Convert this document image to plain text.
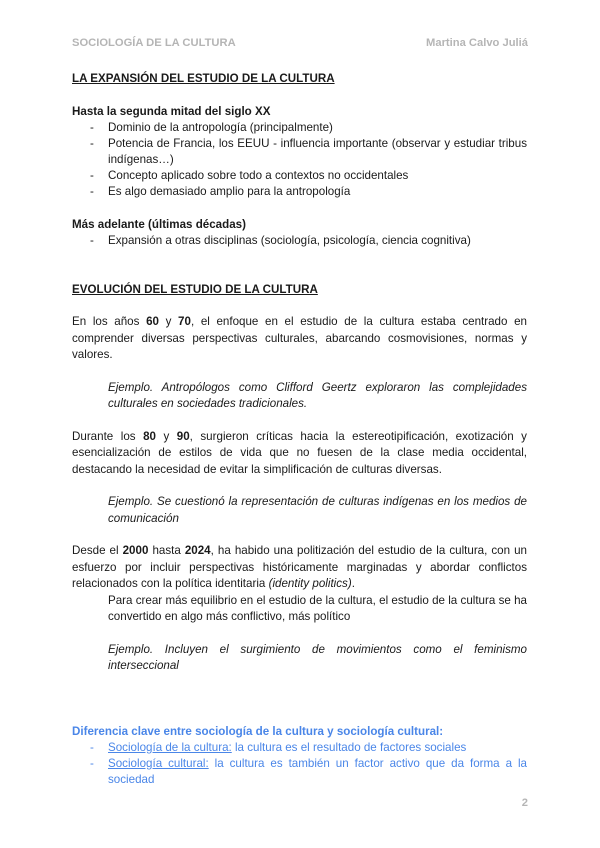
SOCIOLOGÍA DE LA CULTURA	Martina Calvo Juliá

LA EXPANSIÓN DEL ESTUDIO DE LA CULTURA

Hasta la segunda mitad del siglo XX

- Dominio de la antropología (principalmente)
- Potencia de Francia, los EEUU - influencia importante (observar y estudiar tribus indígenas…)
- Concepto aplicado sobre todo a contextos no occidentales
- Es algo demasiado amplio para la antropología

Más adelante (últimas décadas)

- Expansión a otras disciplinas (sociología, psicología, ciencia cognitiva)

EVOLUCIÓN DEL ESTUDIO DE LA CULTURA

En los años 60 y 70, el enfoque en el estudio de la cultura estaba centrado en comprender diversas perspectivas culturales, abarcando cosmovisiones, normas y valores.

Ejemplo. Antropólogos como Clifford Geertz exploraron las complejidades culturales en sociedades tradicionales.

Durante los 80 y 90, surgieron críticas hacia la estereotipificación, exotización y esencialización de estilos de vida que no fuesen de la clase media occidental, destacando la necesidad de evitar la simplificación de culturas diversas.

Ejemplo. Se cuestionó la representación de culturas indígenas en los medios de comunicación

Desde el 2000 hasta 2024, ha habido una politización del estudio de la cultura, con un esfuerzo por incluir perspectivas históricamente marginadas y abordar conflictos relacionados con la política identitaria (identity politics).

Para crear más equilibrio en el estudio de la cultura, el estudio de la cultura se ha convertido en algo más conflictivo, más político
Ejemplo. Incluyen el surgimiento de movimientos como el feminismo interseccional

Diferencia clave entre sociología de la cultura y sociología cultural:

- Sociología de la cultura: la cultura es el resultado de factores sociales
- Sociología cultural: la cultura es también un factor activo que da forma a la sociedad
2
